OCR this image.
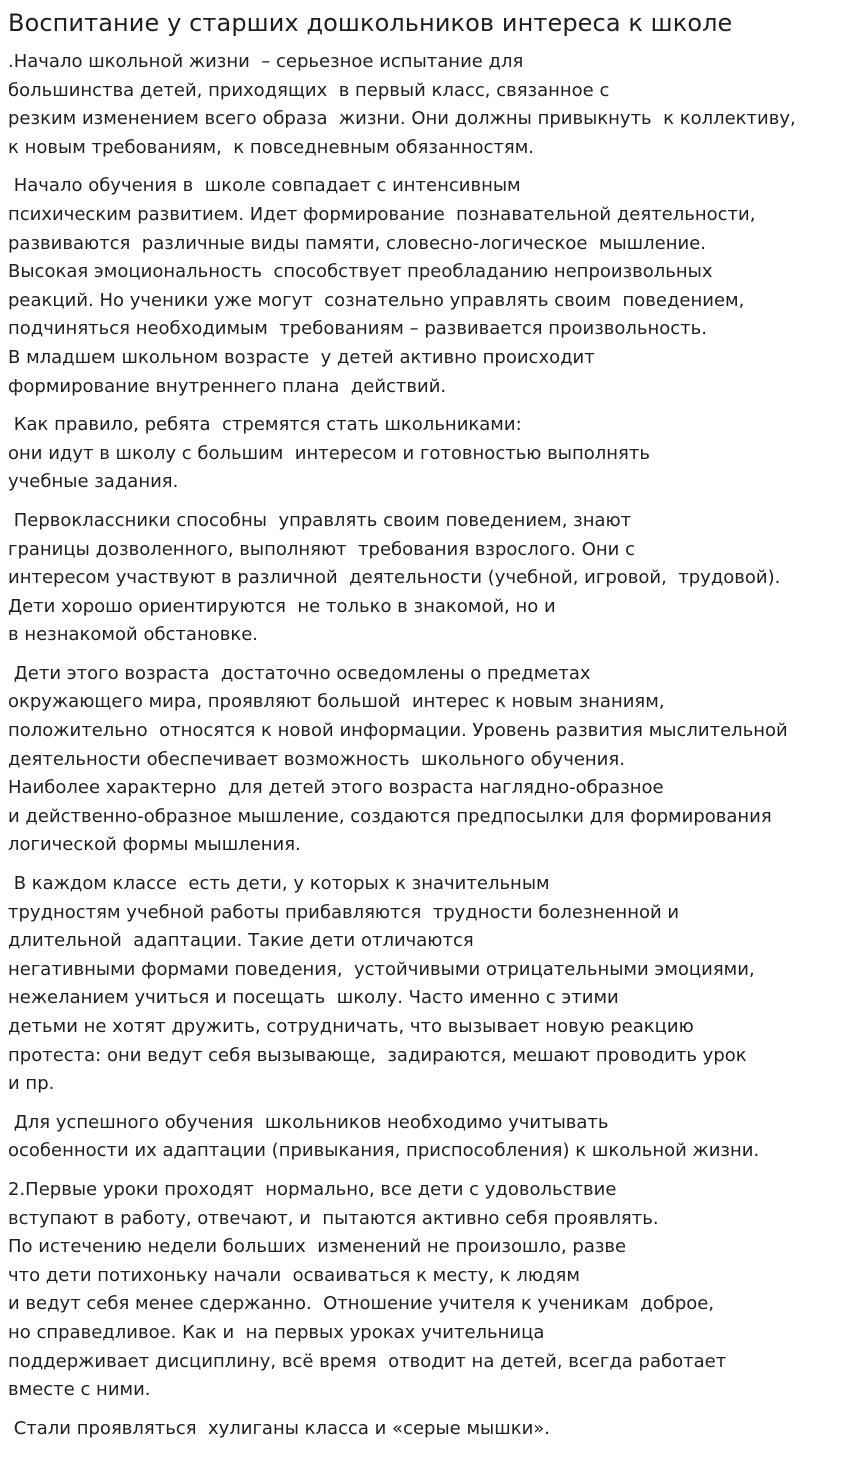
Воспитание у старших дошкольников интереса к школе

.Начало школьной жизни  – серьезное испытание для
большинства детей, приходящих  в первый класс, связанное с
резким изменением всего образа  жизни. Они должны привыкнуть  к коллективу,
к новым требованиям,  к повседневным обязанностям.

Начало обучения в  школе совпадает с интенсивным
психическим развитием. Идет формирование  познавательной деятельности,
развиваются  различные виды памяти, словесно-логическое  мышление.
Высокая эмоциональность  способствует преобладанию непроизвольных
реакций. Но ученики уже могут  сознательно управлять своим  поведением,
подчиняться необходимым  требованиям – развивается произвольность.
В младшем школьном возрасте  у детей активно происходит
формирование внутреннего плана  действий.

Как правило, ребята  стремятся стать школьниками:
они идут в школу с большим  интересом и готовностью выполнять
учебные задания.

Первоклассники способны  управлять своим поведением, знают
границы дозволенного, выполняют  требования взрослого. Они с
интересом участвуют в различной  деятельности (учебной, игровой,  трудовой).
Дети хорошо ориентируются  не только в знакомой, но и
в незнакомой обстановке.

Дети этого возраста  достаточно осведомлены о предметах
окружающего мира, проявляют большой  интерес к новым знаниям,
положительно  относятся к новой информации. Уровень развития мыслительной
деятельности обеспечивает возможность  школьного обучения.
Наиболее характерно  для детей этого возраста наглядно-образное
и действенно-образное мышление, создаются предпосылки для формирования
логической формы мышления.

В каждом классе  есть дети, у которых к значительным
трудностям учебной работы прибавляются  трудности болезненной и
длительной  адаптации. Такие дети отличаются
негативными формами поведения,  устойчивыми отрицательными эмоциями,
нежеланием учиться и посещать  школу. Часто именно с этими
детьми не хотят дружить, сотрудничать, что вызывает новую реакцию
протеста: они ведут себя вызывающе,  задираются, мешают проводить урок
и пр.

Для успешного обучения  школьников необходимо учитывать
особенности их адаптации (привыкания, приспособления) к школьной жизни.

2.Первые уроки проходят  нормально, все дети с удовольствие
вступают в работу, отвечают, и  пытаются активно себя проявлять.
По истечению недели больших  изменений не произошло, разве
что дети потихоньку начали  осваиваться к месту, к людям
и ведут себя менее сдержанно.  Отношение учителя к ученикам  доброе,
но справедливое. Как и  на первых уроках учительница
поддерживает дисциплину, всё время  отводит на детей, всегда работает
вместе с ними.

Стали проявляться  хулиганы класса и «серые мышки».
